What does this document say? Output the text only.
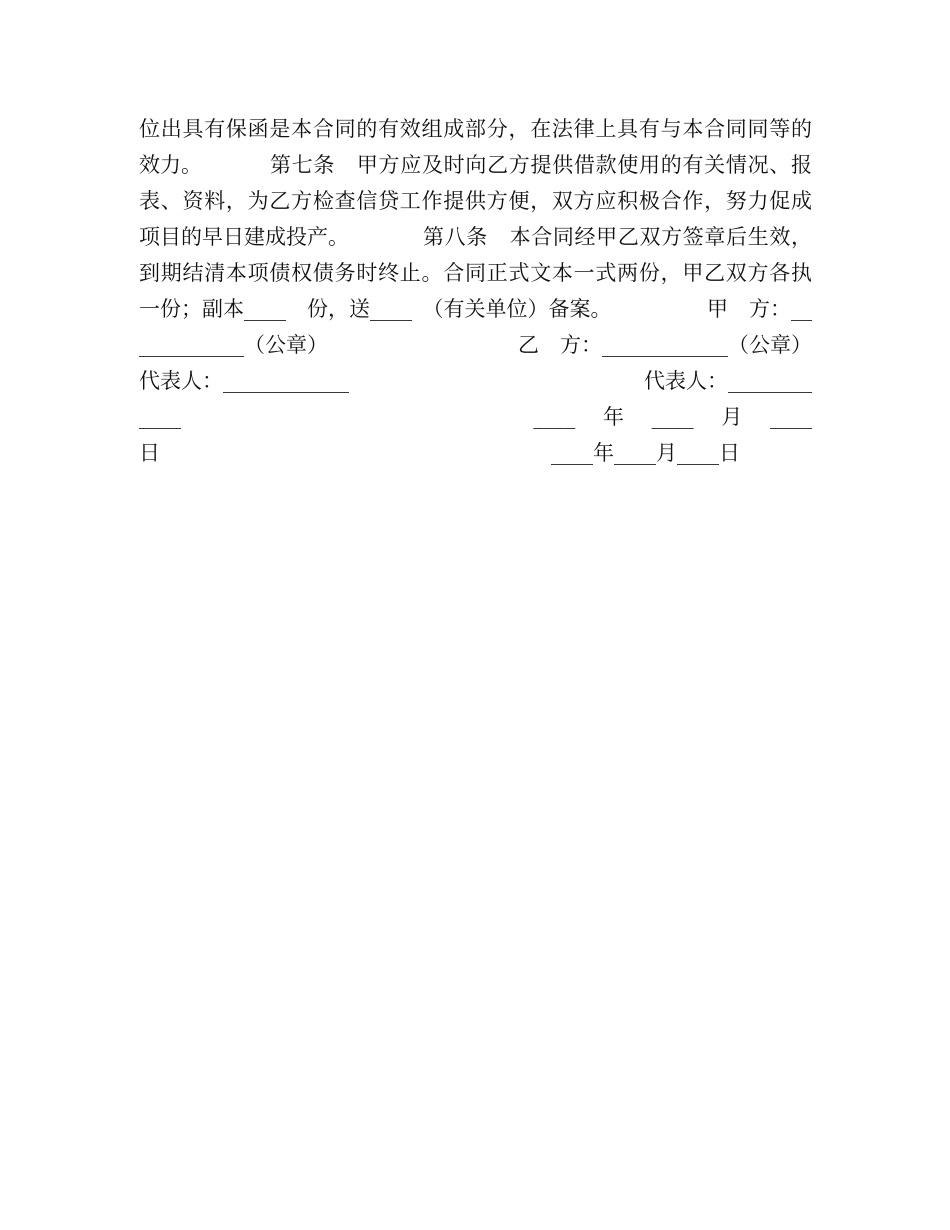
位出具有保函是本合同的有效组成部分，在法律上具有与本合同同等的
效力。	第七条　甲方应及时向乙方提供借款使用的有关情况、报
表、资料，为乙方检查信贷工作提供方便，双方应积极合作，努力促成
项目的早日建成投产。	第八条　本合同经甲乙双方签章后生效，
到期结清本项债权债务时终止。合同正式文本一式两份，甲乙双方各执
一份；副本____　份，送____　（有关单位）备案。	甲　方：__
__________（公章）	乙　方：____________（公章）
代表人：____________	代表人：________
____	____　 年　 ____　 月　 ____
日	____年____月____日
